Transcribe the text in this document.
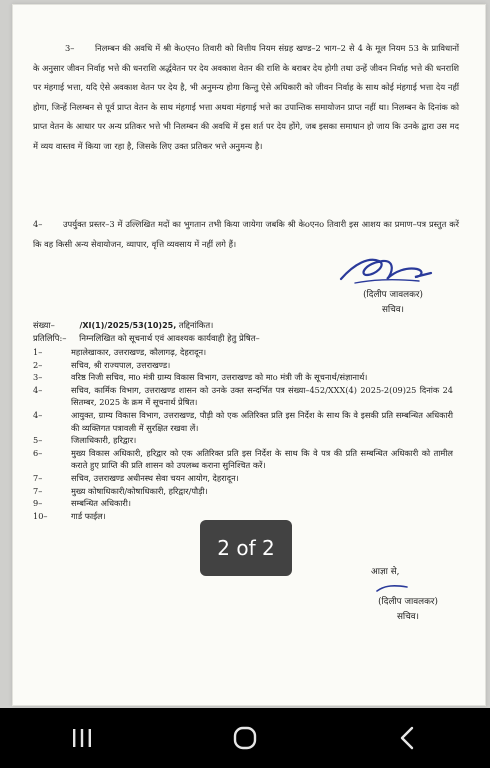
3– निलम्बन की अवधि में श्री केoएनo तिवारी को वित्तीय नियम संग्रह खण्ड–2 भाग–2 से 4 के मूल नियम 53 के प्राविधानों के अनुसार जीवन निर्वाह भत्ते की धनराशि अर्द्धवेतन पर देय अवकाश वेतन की राशि के बराबर देय होगी तथा उन्हें जीवन निर्वाह भत्ते की धनराशि पर मंहगाई भत्ता, यदि ऐसे अवकाश वेतन पर देय है, भी अनुमन्य होगा किन्तु ऐसे अधिकारी को जीवन निर्वाह के साथ कोई मंहगाई भत्ता देय नहीं होगा, जिन्हें निलम्बन से पूर्व प्राप्त वेतन के साथ मंहगाई भत्ता अथवा मंहगाई भत्ते का उपान्तिक समायोजन प्राप्त नहीं था। निलम्बन के दिनांक को प्राप्त वेतन के आधार पर अन्य प्रतिकर भत्ते भी निलम्बन की अवधि में इस शर्त पर देय होंगे, जब इसका समाधान हो जाय कि उनके द्वारा उस मद में व्यय वास्तव में किया जा रहा है, जिसके लिए उक्त प्रतिकर भत्ते अनुमन्य है।
4– उपर्युक्त प्रस्तर–3 में उल्लिखित मदों का भुगतान तभी किया जायेगा जबकि श्री केoएनo तिवारी इस आशय का प्रमाण–पत्र प्रस्तुत करें कि वह किसी अन्य सेवायोजन, व्यापार, वृत्ति व्यवसाय में नहीं लगे हैं।
(दिलीप जावलकर)
सचिव।
संख्या–	/XI(1)/2025/53(10)25, तद्दिनांकित।
प्रतिलिपि:– निम्नलिखित को सूचनार्थ एवं आवश्यक कार्यवाही हेतु प्रेषित–
1–	महालेखाकार, उत्तराखण्ड, कौलागढ़, देहरादून।
2–	सचिव, श्री राज्यपाल, उत्तराखण्ड।
3–	वरिष्ठ निजी सचिव, माo मंत्री ग्राम्य विकास विभाग, उत्तराखण्ड को माo मंत्री जी के सूचनार्थ/संज्ञानार्थ।
4–	सचिव, कार्मिक विभाग, उत्तराखण्ड शासन को उनके उक्त सन्दर्भित पत्र संख्या–452/XXX(4) 2025-2(09)25 दिनांक 24 सितम्बर, 2025 के क्रम में सूचनार्थ प्रेषित।
4–	आयुक्त, ग्राम्य विकास विभाग, उत्तराखण्ड, पौड़ी को एक अतिरिक्त प्रति इस निर्देश के साथ कि वे इसकी प्रति सम्बन्धित अधिकारी की व्यक्तिगत पत्रावली में सुरक्षित रखवा लें।
5–	जिलाधिकारी, हरिद्वार।
6–	मुख्य विकास अधिकारी, हरिद्वार को एक अतिरिक्त प्रति इस निर्देश के साथ कि वे पत्र की प्रति सम्बन्धित अधिकारी को तामील कराते हुए प्राप्ति की प्रति शासन को उपलब्ध कराना सुनिश्चित करें।
7–	सचिव, उत्तराखण्ड अधीनस्थ सेवा चयन आयोग, देहरादून।
7–	मुख्य कोषाधिकारी/कोषाधिकारी, हरिद्वार/पौड़ी।
9–	सम्बन्धित अधिकारी।
10–	गार्ड फाईल।
आज्ञा से,
(दिलीप जावलकर)
सचिव।
2 of 2
